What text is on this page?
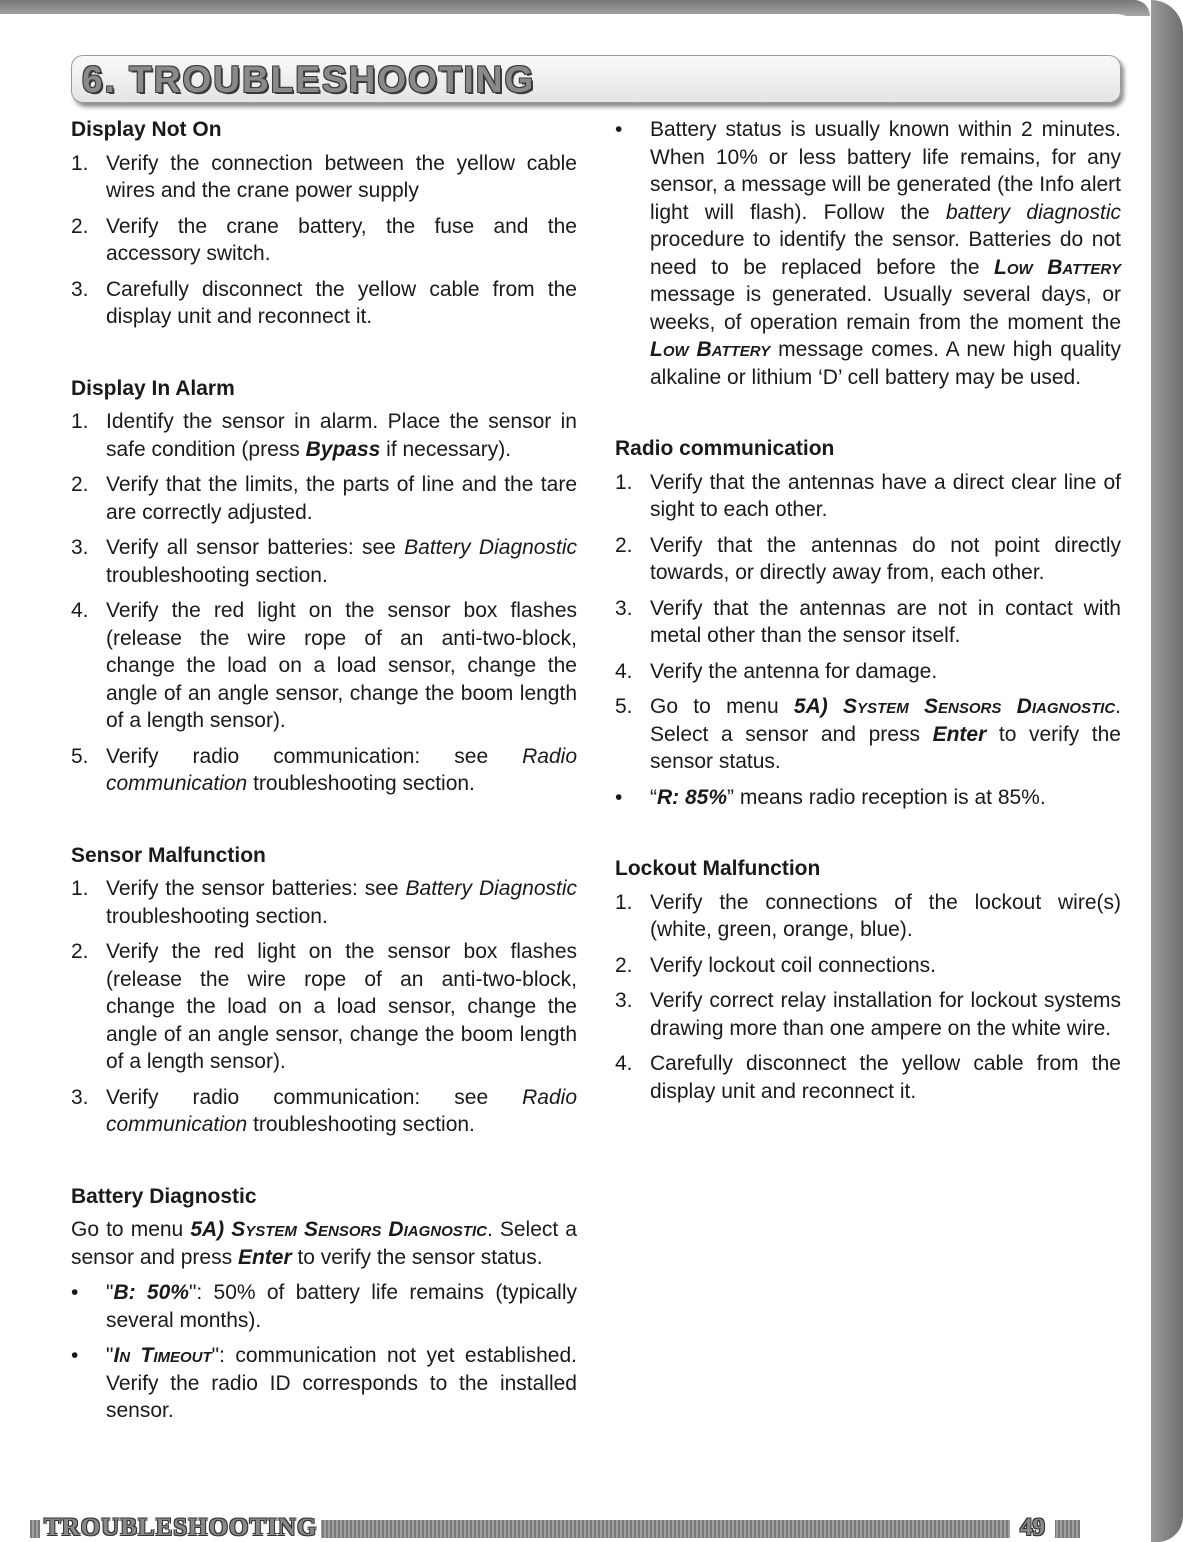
6. TROUBLESHOOTING
Display Not On
1. Verify the connection between the yellow cable wires and the crane power supply
2. Verify the crane battery, the fuse and the accessory switch.
3. Carefully disconnect the yellow cable from the display unit and reconnect it.
Display In Alarm
1. Identify the sensor in alarm. Place the sensor in safe condition (press Bypass if necessary).
2. Verify that the limits, the parts of line and the tare are correctly adjusted.
3. Verify all sensor batteries: see Battery Diagnostic troubleshooting section.
4. Verify the red light on the sensor box flashes (release the wire rope of an anti-two-block, change the load on a load sensor, change the angle of an angle sensor, change the boom length of a length sensor).
5. Verify radio communication: see Radio communication troubleshooting section.
Sensor Malfunction
1. Verify the sensor batteries: see Battery Diagnostic troubleshooting section.
2. Verify the red light on the sensor box flashes (release the wire rope of an anti-two-block, change the load on a load sensor, change the angle of an angle sensor, change the boom length of a length sensor).
3. Verify radio communication: see Radio communication troubleshooting section.
Battery Diagnostic
Go to menu 5A) System Sensors Diagnostic. Select a sensor and press Enter to verify the sensor status.
•	"B: 50%": 50% of battery life remains (typically several months).
•	"In Timeout": communication not yet established. Verify the radio ID corresponds to the installed sensor.
•	Battery status is usually known within 2 minutes. When 10% or less battery life remains, for any sensor, a message will be generated (the Info alert light will flash). Follow the battery diagnostic procedure to identify the sensor. Batteries do not need to be replaced before the Low Battery message is generated. Usually several days, or weeks, of operation remain from the moment the Low Battery message comes. A new high quality alkaline or lithium ‘D’ cell battery may be used.
Radio communication
1. Verify that the antennas have a direct clear line of sight to each other.
2. Verify that the antennas do not point directly towards, or directly away from, each other.
3. Verify that the antennas are not in contact with metal other than the sensor itself.
4. Verify the antenna for damage.
5. Go to menu 5A) System Sensors Diagnostic. Select a sensor and press Enter to verify the sensor status.
•	“R: 85%” means radio reception is at 85%.
Lockout Malfunction
1. Verify the connections of the lockout wire(s) (white, green, orange, blue).
2. Verify lockout coil connections.
3. Verify correct relay installation for lockout systems drawing more than one ampere on the white wire.
4. Carefully disconnect the yellow cable from the display unit and reconnect it.
TROUBLESHOOTING	49
